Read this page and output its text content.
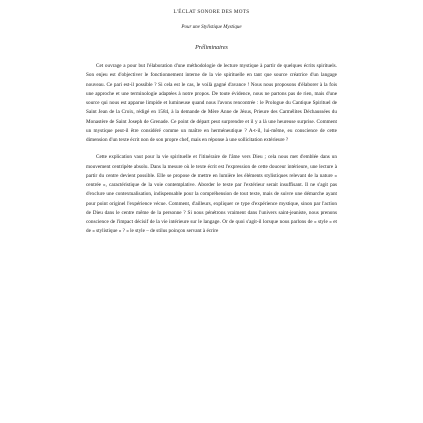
L'ÉCLAT SONORE DES MOTS

Pour une Stylistique Mystique

Préliminaires

Cet ouvrage a pour but l'élaboration d'une méthodologie de lecture mystique à partir de quelques écrits spirituels. Son enjeu est d'objectiver le fonctionnement interne de la vie spirituelle en tant que source créatrice d'un langage nouveau. Ce pari est-il possible ? Si cela est le cas, le voilà gagné d'avance ! Nous nous proposons d'élaborer à la fois une approche et une terminologie adaptées à notre propos. De toute évidence, nous ne partons pas de rien, mais d'une source qui nous est apparue limpide et lumineuse quand nous l'avons rencontrée : le Prologue du Cantique Spirituel de Saint Jean de la Croix, rédigé en 1584, à la demande de Mère Anne de Jésus, Prieure des Carmélites Déchaussées du Monastère de Saint Joseph de Grenade. Ce point de départ peut surprendre et il y a là une heureuse surprise. Comment un mystique peut-il être considéré comme un maître en herméneutique ? A-t-il, lui-même, eu conscience de cette dimension d'un texte écrit non de son propre chef, mais en réponse à une sollicitation extérieure ?

Cette explication vaut pour la vie spirituelle et l'itinéraire de l'âme vers Dieu ; cela nous met d'emblée dans un mouvement centripète absolu. Dans la mesure où le texte écrit est l'expression de cette douceur intérieure, une lecture à partir du centre devient possible. Elle se propose de mettre en lumière les éléments stylistiques relevant de la nature « centrée », caractéristique de la voie contemplative. Aborder le texte par l'extérieur serait insuffisant. Il ne s'agit pas d'exclure une contextualisation, indispensable pour la compréhension de tout texte, mais de suivre une démarche ayant pour point originel l'expérience vécue. Comment, d'ailleurs, expliquer ce type d'expérience mystique, sinon par l'action de Dieu dans le centre même de la personne ? Si nous pénétrons vraiment dans l'univers saint-jeaniste, nous prenons conscience de l'impact décisif de la vie intérieure sur le langage. Or de quoi s'agit-il lorsque nous parlons de « style » et de « stylistique » ? « le style – de stilus poinçon servant à écrire
